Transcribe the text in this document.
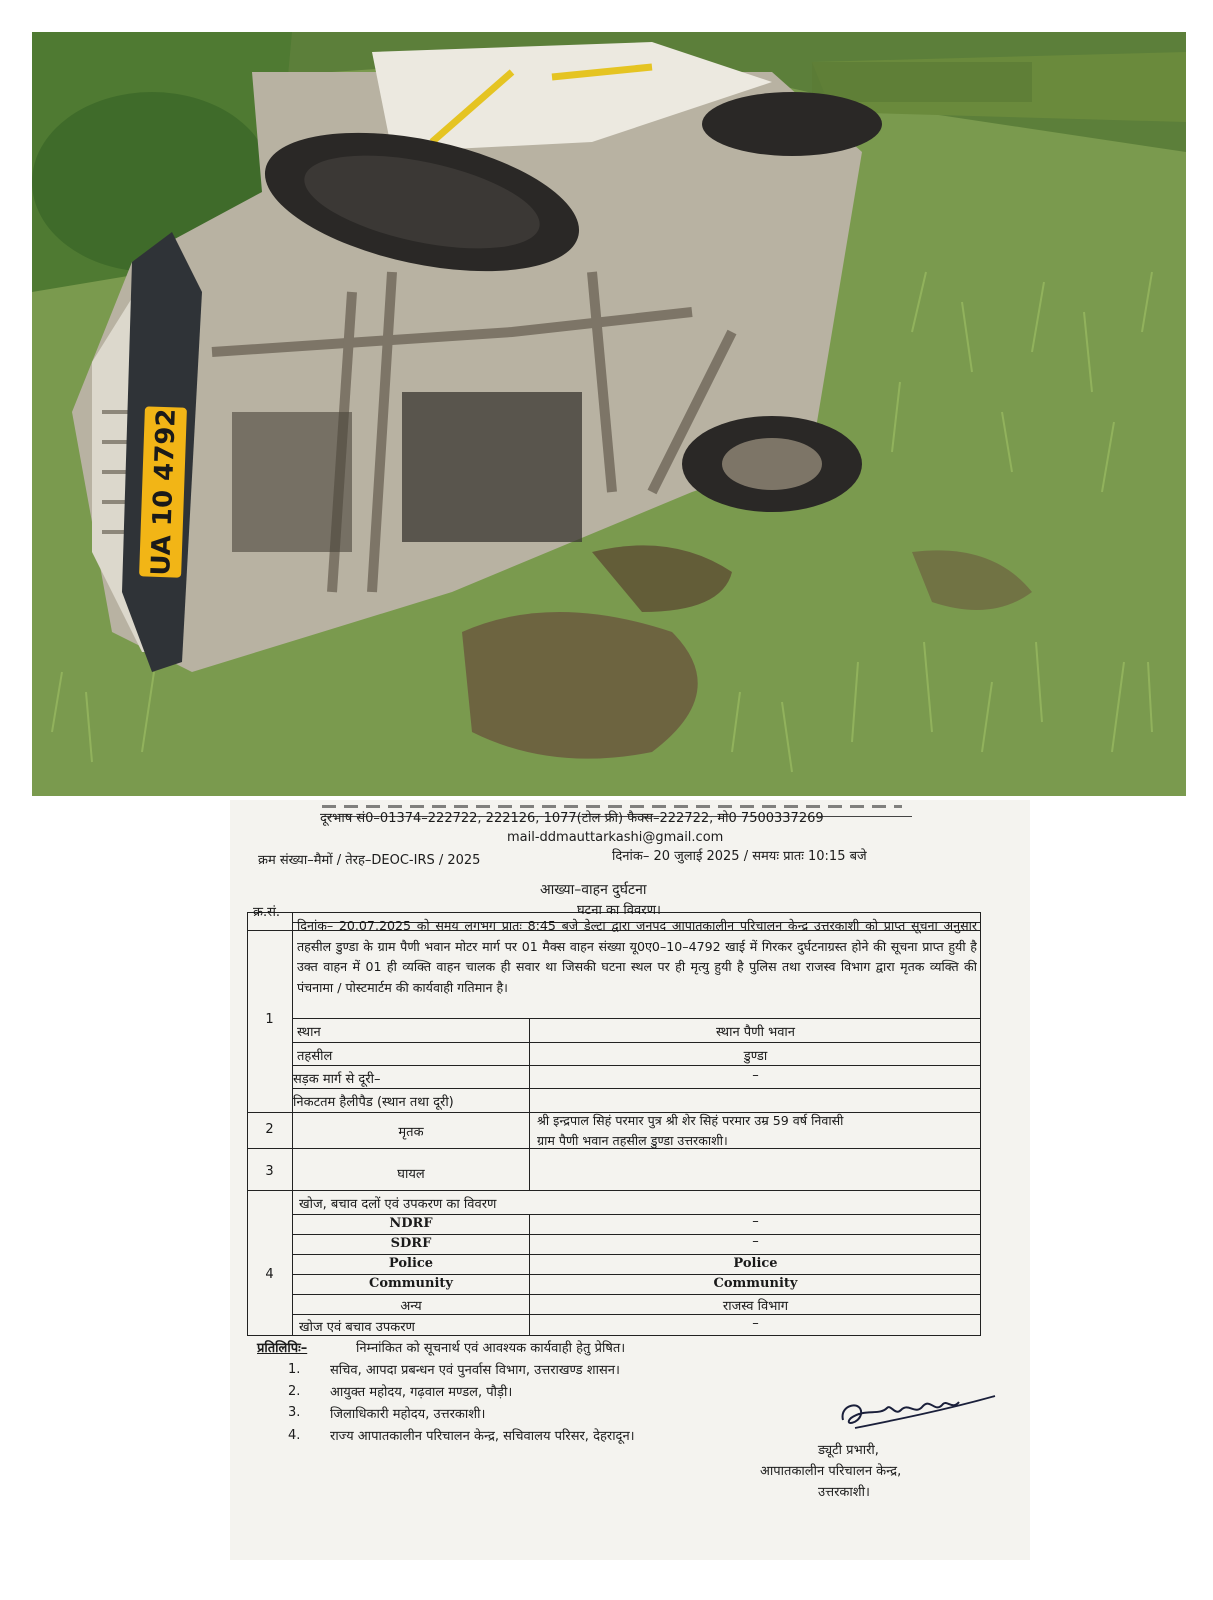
UA 10 4792
दूरभाष सं0–01374–222722, 222126, 1077(टोल फ्री) फैक्स–222722, मो0 7500337269
mail-ddmauttarkashi@gmail.com
क्रम संख्या–मैमों / तेरह–DEOC-IRS / 2025	दिनांक– 20 जुलाई 2025 / समयः प्रातः 10:15 बजे
आख्या–वाहन दुर्घटना
क्र.सं.	घटना का विवरण।
1
दिनांक– 20.07.2025 को समय लगभग प्रातः 8:45 बजे डेल्टा द्वारा जनपद आपातकालीन परिचालन केन्द्र उत्तरकाशी को प्राप्त सूचना अनुसार तहसील डुण्डा के ग्राम पैणी भवान मोटर मार्ग पर 01 मैक्स वाहन संख्या यू0ए0–10–4792 खाई में गिरकर दुर्घटनाग्रस्त होने की सूचना प्राप्त हुयी है उक्त वाहन में 01 ही व्यक्ति वाहन चालक ही सवार था जिसकी घटना स्थल पर ही मृत्यु हुयी है पुलिस तथा राजस्व विभाग द्वारा मृतक व्यक्ति की पंचनामा / पोस्टमार्टम की कार्यवाही गतिमान है।
स्थान	स्थान पैणी भवान
तहसील	डुण्डा
सड़क मार्ग से दूरी–	–
निकटतम हैलीपैड (स्थान तथा दूरी)
2	मृतक
श्री इन्द्रपाल सिहं परमार पुत्र श्री शेर सिहं परमार उम्र 59 वर्ष निवासी
ग्राम पैणी भवान तहसील डुण्डा उत्तरकाशी।
3	घायल
4
खोज, बचाव दलों एवं उपकरण का विवरण
NDRF	–
SDRF	–
Police	Police
Community	Community
अन्य	राजस्व विभाग
खोज एवं बचाव उपकरण	–
प्रतिलिपिः–	निम्नांकित को सूचनार्थ एवं आवश्यक कार्यवाही हेतु प्रेषित।
1. सचिव, आपदा प्रबन्धन एवं पुनर्वास विभाग, उत्तराखण्ड शासन।
2. आयुक्त महोदय, गढ़वाल मण्डल, पौड़ी।
3. जिलाधिकारी महोदय, उत्तरकाशी।
4. राज्य आपातकालीन परिचालन केन्द्र, सचिवालय परिसर, देहरादून।
ड्यूटी प्रभारी,
आपातकालीन परिचालन केन्द्र,
उत्तरकाशी।
